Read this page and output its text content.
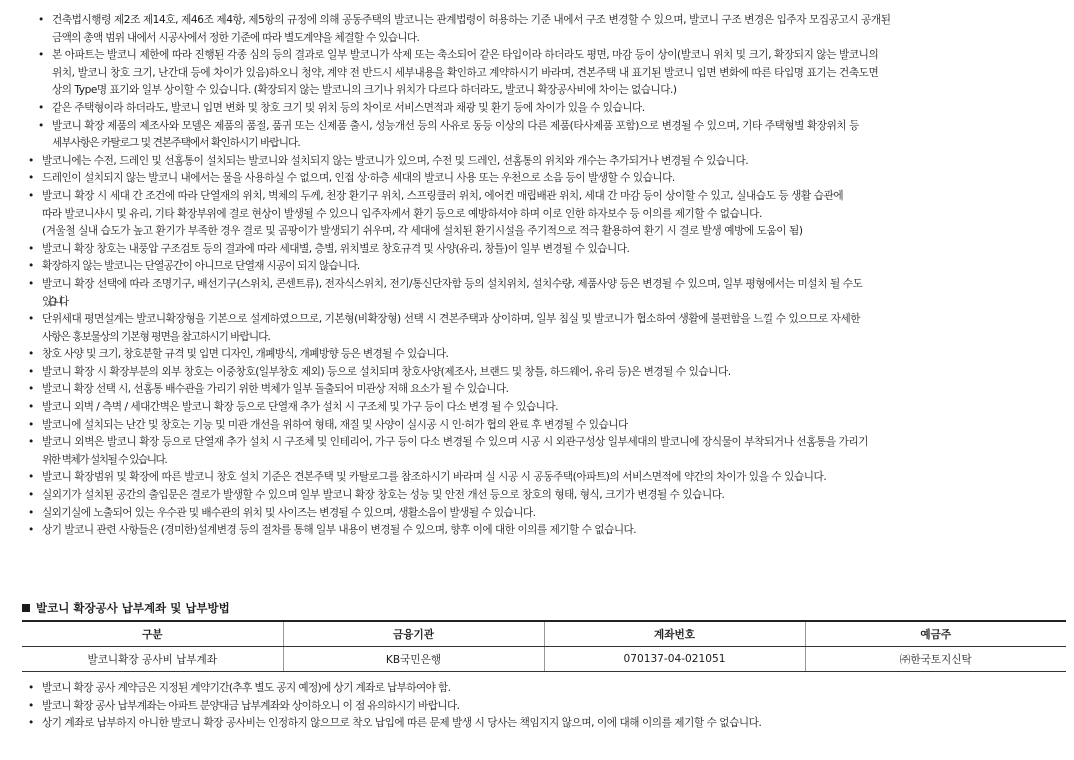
• 건축법시행령 제2조 제14호, 제46조 제4항, 제5항의 규정에 의해 공동주택의 발코니는 관계법령이 허용하는 기준 내에서 구조 변경할 수 있으며, 발코니 구조 변경은 입주자 모집공고시 공개된
금액의 총액 범위 내에서 시공사에서 정한 기준에 따라 별도계약을 체결할 수 있습니다.
• 본 아파트는 발코니 제한에 따라 진행된 각종 심의 등의 결과로 일부 발코니가 삭제 또는 축소되어 같은 타입이라 하더라도 평면, 마감 등이 상이(발코니 위치 및 크기, 확장되지 않는 발코니의
위치, 발코니 창호 크기, 난간대 등에 차이가 있음)하오니 청약, 계약 전 반드시 세부내용을 확인하고 계약하시기 바라며, 견본주택 내 표기된 발코니 입면 변화에 따른 타입명 표기는 건축도면
상의 Type명 표기와 일부 상이할 수 있습니다. (확장되지 않는 발코니의 크기나 위치가 다르다 하더라도, 발코니 확장공사비에 차이는 없습니다.)
• 같은 주택형이라 하더라도, 발코니 입면 변화 및 창호 크기 및 위치 등의 차이로 서비스면적과 채광 및 환기 등에 차이가 있을 수 있습니다.
• 발코니 확장 제품의 제조사와 모델은 제품의 품절, 품귀 또는 신제품 출시, 성능개선 등의 사유로 동등 이상의 다른 제품(타사제품 포함)으로 변경될 수 있으며, 기타 주택형별 확장위치 등
세부사항은 카탈로그 및 견본주택에서 확인하시기 바랍니다.
• 발코니에는 수전, 드레인 및 선홈통이 설치되는 발코니와 설치되지 않는 발코니가 있으며, 수전 및 드레인, 선홈통의 위치와 개수는 추가되거나 변경될 수 있습니다.
• 드레인이 설치되지 않는 발코니 내에서는 물을 사용하실 수 없으며, 인접 상·하층 세대의 발코니 사용 또는 우천으로 소음 등이 발생할 수 있습니다.
• 발코니 확장 시 세대 간 조건에 따라 단열재의 위치, 벽체의 두께, 천장 환기구 위치, 스프링클러 위치, 에어컨 매립배관 위치, 세대 간 마감 등이 상이할 수 있고, 실내습도 등 생활 습관에
따라 발코니샤시 및 유리, 기타 확장부위에 결로 현상이 발생될 수 있으니 입주자께서 환기 등으로 예방하셔야 하며 이로 인한 하자보수 등 이의를 제기할 수 없습니다.
(겨울철 실내 습도가 높고 환기가 부족한 경우 결로 및 곰팡이가 발생되기 쉬우며, 각 세대에 설치된 환기시설을 주기적으로 적극 활용하여 환기 시 결로 발생 예방에 도움이 됨)
• 발코니 확장 창호는 내풍압 구조검토 등의 결과에 따라 세대별, 층별, 위치별로 창호규격 및 사양(유리, 창틀)이 일부 변경될 수 있습니다.
• 확장하지 않는 발코니는 단열공간이 아니므로 단열재 시공이 되지 않습니다.
• 발코니 확장 선택에 따라 조명기구, 배선기구(스위치, 콘센트류), 전자식스위치, 전기/통신단자함 등의 설치위치, 설치수량, 제품사양 등은 변경될 수 있으며, 일부 평형에서는 미설치 될 수도
있습니다.
• 단위세대 평면설계는 발코니확장형을 기본으로 설계하였으므로, 기본형(비확장형) 선택 시 견본주택과 상이하며, 일부 침실 및 발코니가 협소하여 생활에 불편함을 느낄 수 있으므로 자세한
사항은 홍보물상의 기본형 평면을 참고하시기 바랍니다.
• 창호 사양 및 크기, 창호분할 규격 및 입면 디자인, 개폐방식, 개폐방향 등은 변경될 수 있습니다.
• 발코니 확장 시 확장부분의 외부 창호는 이중창호(일부창호 제외) 등으로 설치되며 창호사양(제조사, 브랜드 및 창틀, 하드웨어, 유리 등)은 변경될 수 있습니다.
• 발코니 확장 선택 시, 선홈통 배수관을 가리기 위한 벽체가 일부 돌출되어 미관상 저해 요소가 될 수 있습니다.
• 발코니 외벽 / 측벽 / 세대간벽은 발코니 확장 등으로 단열재 추가 설치 시 구조체 및 가구 등이 다소 변경 될 수 있습니다.
• 발코니에 설치되는 난간 및 창호는 기능 및 미관 개선을 위하여 형태, 재질 및 사양이 실시공 시 인·허가 협의 완료 후 변경될 수 있습니다
• 발코니 외벽은 발코니 확장 등으로 단열재 추가 설치 시 구조체 및 인테리어, 가구 등이 다소 변경될 수 있으며 시공 시 외관구성상 일부세대의 발코니에 장식물이 부착되거나 선홈통을 가리기
위한 벽체가 설치될 수 있습니다.
• 발코니 확장범위 및 확장에 따른 발코니 창호 설치 기준은 견본주택 및 카탈로그를 참조하시기 바라며 실 시공 시 공동주택(아파트)의 서비스면적에 약간의 차이가 있을 수 있습니다.
• 실외기가 설치된 공간의 출입문은 결로가 발생할 수 있으며 일부 발코니 확장 창호는 성능 및 안전 개선 등으로 창호의 형태, 형식, 크기가 변경될 수 있습니다.
• 실외기실에 노출되어 있는 우수관 및 배수관의 위치 및 사이즈는 변경될 수 있으며, 생활소음이 발생될 수 있습니다.
• 상기 발코니 관련 사항들은 (경미한)설계변경 등의 절차를 통해 일부 내용이 변경될 수 있으며, 향후 이에 대한 이의를 제기할 수 없습니다.
발코니 확장공사 납부계좌 및 납부방법
구분	금융기관	계좌번호	예금주
발코니확장 공사비 납부계좌	KB국민은행	070137-04-021051	㈜한국토지신탁
• 발코니 확장 공사 계약금은 지정된 계약기간(추후 별도 공지 예정)에 상기 계좌로 납부하여야 함.
• 발코니 확장 공사 납부계좌는 아파트 분양대금 납부계좌와 상이하오니 이 점 유의하시기 바랍니다.
• 상기 계좌로 납부하지 아니한 발코니 확장 공사비는 인정하지 않으므로 착오 납입에 따른 문제 발생 시 당사는 책임지지 않으며, 이에 대해 이의를 제기할 수 없습니다.
